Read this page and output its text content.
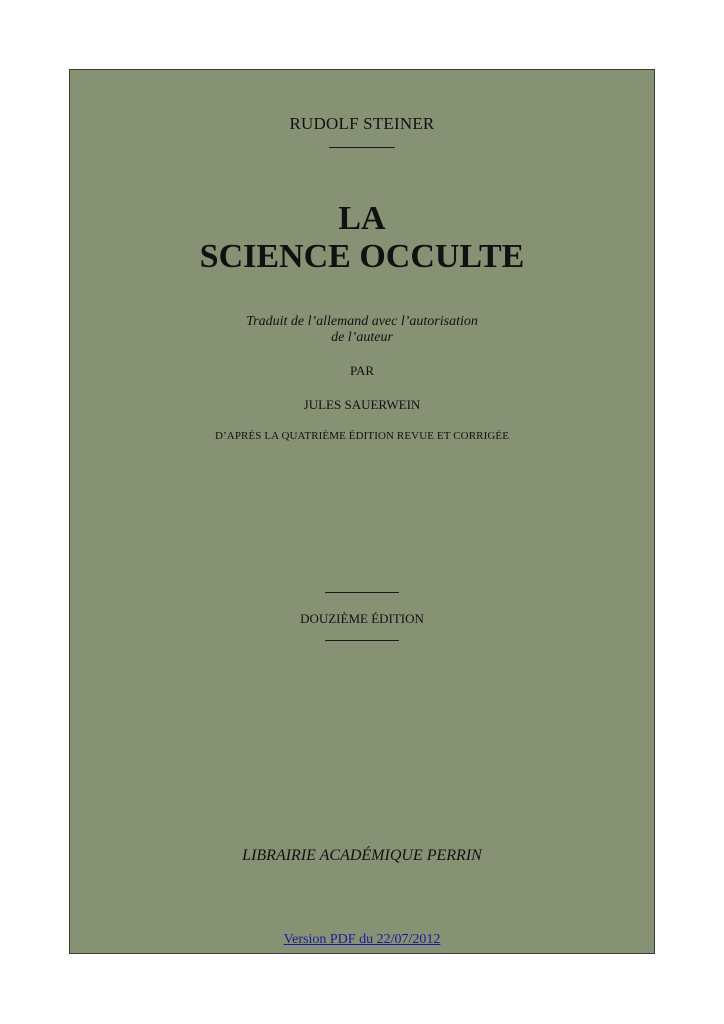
RUDOLF STEINER
LA
SCIENCE OCCULTE
Traduit de l’allemand avec l’autorisation
de l’auteur
PAR
JULES SAUERWEIN
D’APRÈS LA QUATRIÈME ÉDITION REVUE ET CORRIGÉE
DOUZIÈME ÉDITION
LIBRAIRIE ACADÉMIQUE PERRIN
Version PDF du 22/07/2012
